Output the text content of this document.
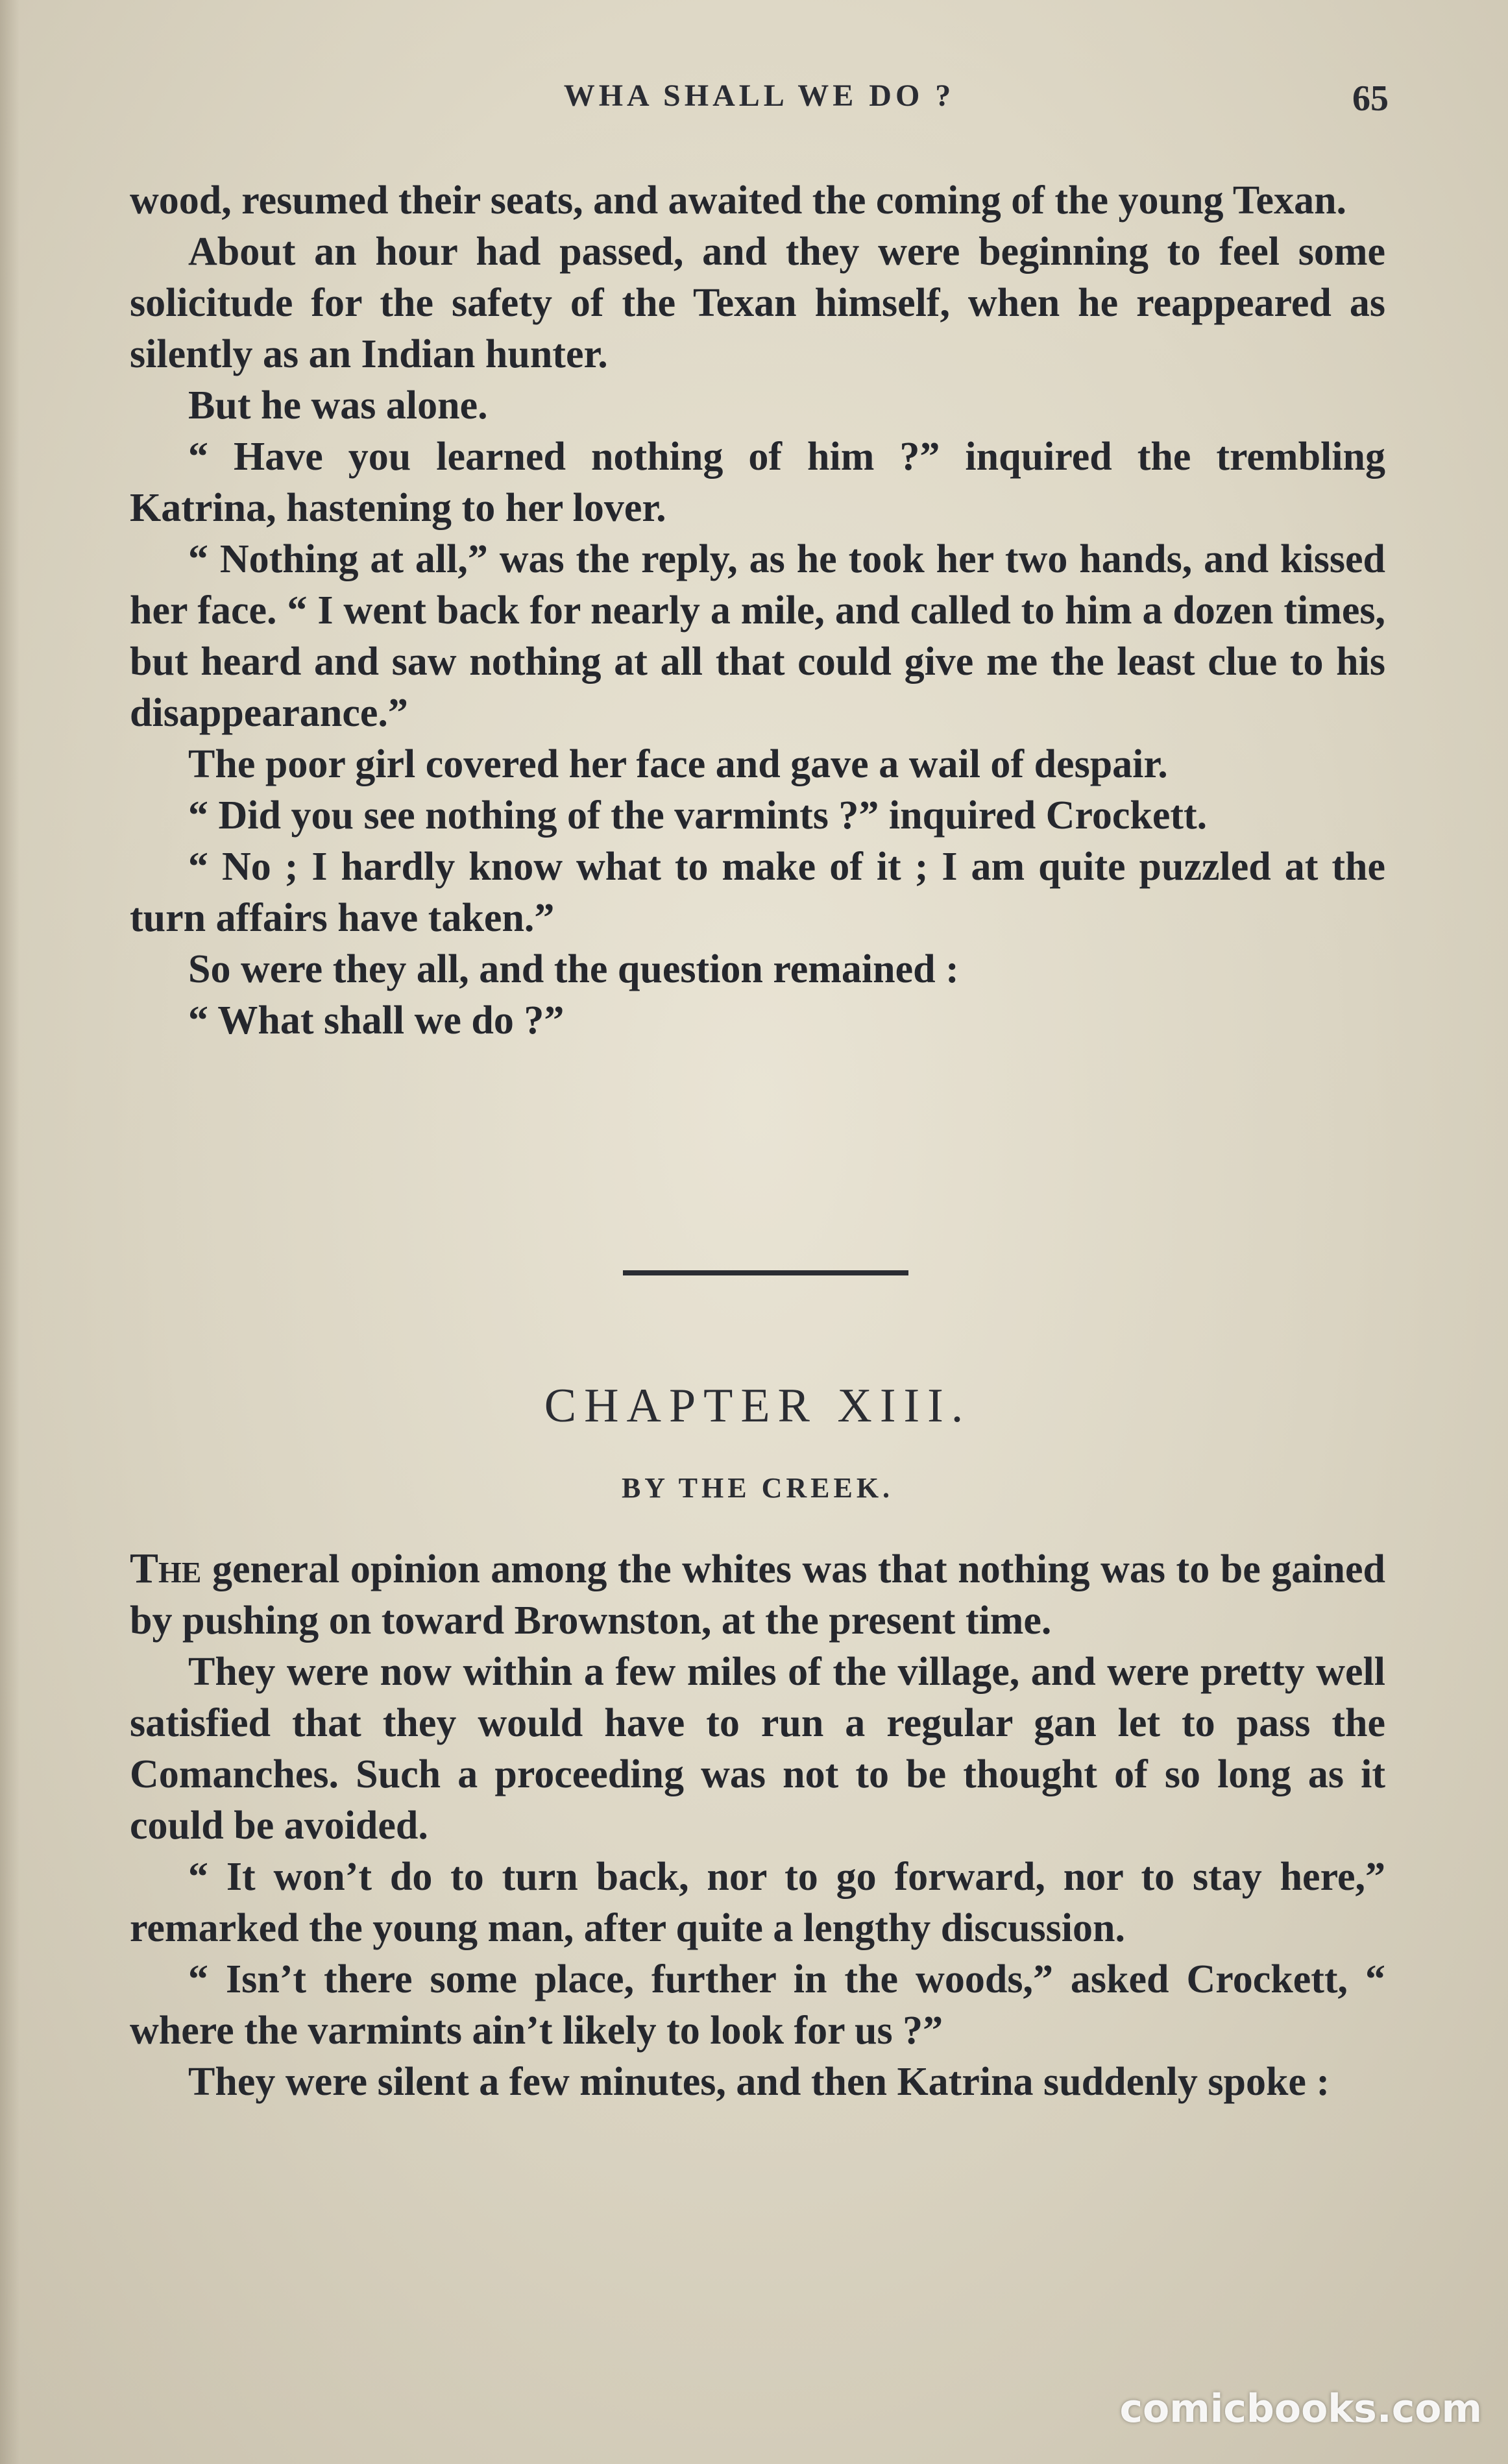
WHA SHALL WE DO ?	65

wood, resumed their seats, and awaited the coming of the young Texan.

About an hour had passed, and they were beginning to feel some solicitude for the safety of the Texan himself, when he reappeared as silently as an Indian hunter.

But he was alone.

“ Have you learned nothing of him ?” inquired the trembling Katrina, hastening to her lover.

“ Nothing at all,” was the reply, as he took her two hands, and kissed her face. “ I went back for nearly a mile, and called to him a dozen times, but heard and saw nothing at all that could give me the least clue to his disappearance.”

The poor girl covered her face and gave a wail of despair.

“ Did you see nothing of the varmints ?” inquired Crockett.

“ No ; I hardly know what to make of it ; I am quite puzzled at the turn affairs have taken.”

So were they all, and the question remained :

“ What shall we do ?”

CHAPTER XIII.
BY THE CREEK.

The general opinion among the whites was that nothing was to be gained by pushing on toward Brownston, at the present time.

They were now within a few miles of the village, and were pretty well satisfied that they would have to run a regular gan let to pass the Comanches. Such a proceeding was not to be thought of so long as it could be avoided.

“ It won’t do to turn back, nor to go forward, nor to stay here,” remarked the young man, after quite a lengthy discussion.

“ Isn’t there some place, further in the woods,” asked Crockett, “ where the varmints ain’t likely to look for us ?”

They were silent a few minutes, and then Katrina suddenly spoke :

comicbooks.com
